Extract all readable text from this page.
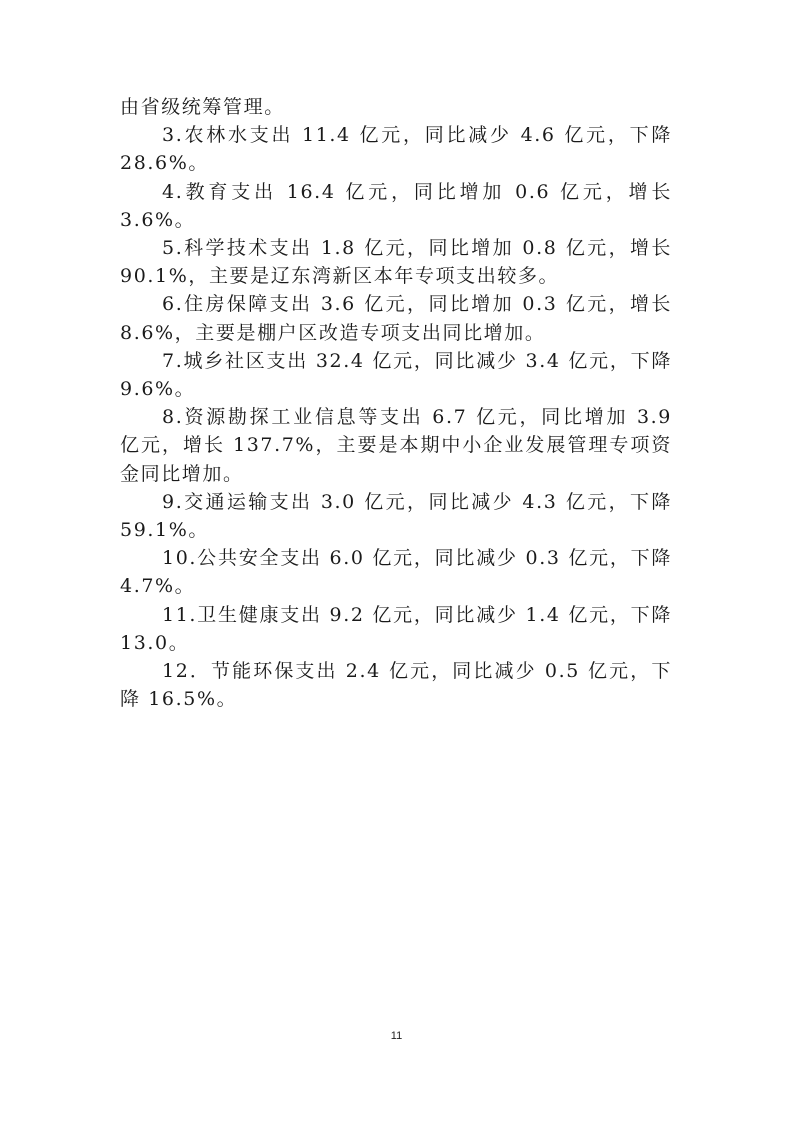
由省级统筹管理。

3.农林水支出 11.4 亿元，同比减少 4.6 亿元，下降 28.6%。

4.教育支出 16.4 亿元，同比增加 0.6 亿元，增长 3.6%。

5.科学技术支出 1.8 亿元，同比增加 0.8 亿元，增长 90.1%，主要是辽东湾新区本年专项支出较多。

6.住房保障支出 3.6 亿元，同比增加 0.3 亿元，增长 8.6%，主要是棚户区改造专项支出同比增加。

7.城乡社区支出 32.4 亿元，同比减少 3.4 亿元，下降 9.6%。

8.资源勘探工业信息等支出 6.7 亿元，同比增加 3.9 亿元，增长 137.7%，主要是本期中小企业发展管理专项资金同比增加。

9.交通运输支出 3.0 亿元，同比减少 4.3 亿元，下降 59.1%。

10.公共安全支出 6.0 亿元，同比减少 0.3 亿元，下降 4.7%。

11.卫生健康支出 9.2 亿元，同比减少 1.4 亿元，下降 13.0。

12．节能环保支出 2.4 亿元，同比减少 0.5 亿元，下降 16.5%。

11
